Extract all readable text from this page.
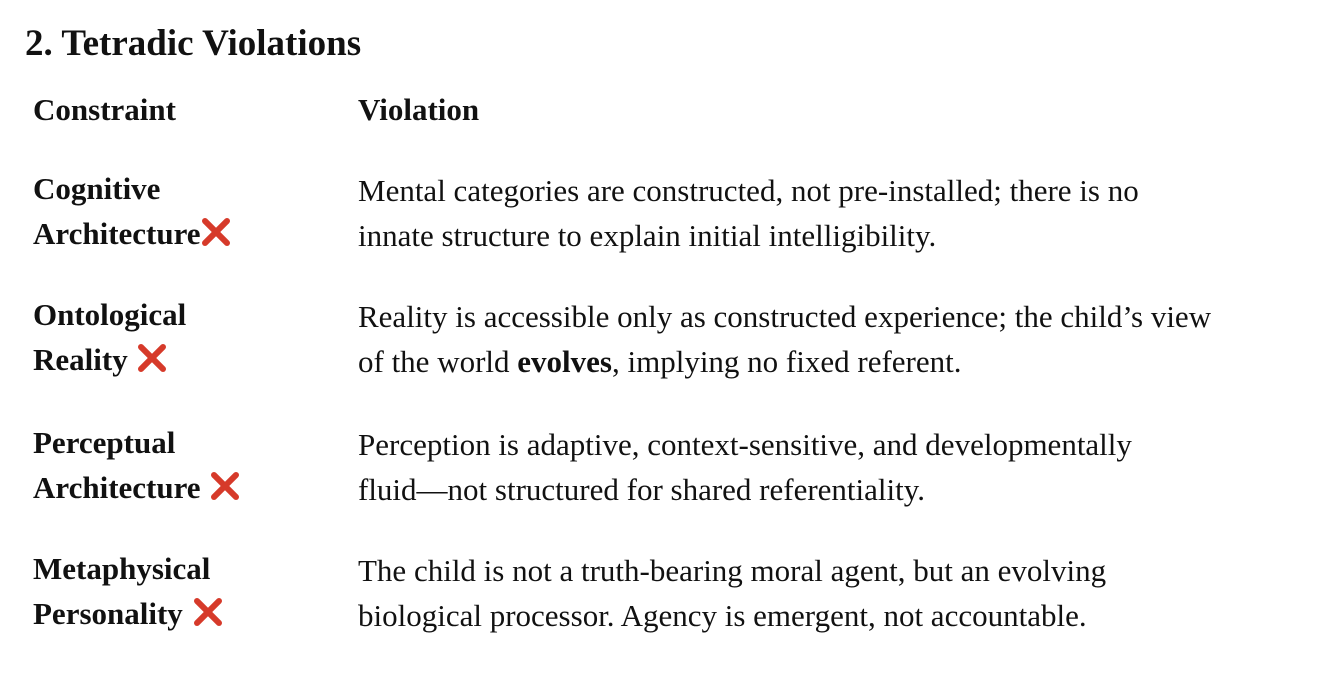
2. Tetradic Violations
Constraint	Violation
Cognitive
Architecture
Mental categories are constructed, not pre-installed; there is no
innate structure to explain initial intelligibility.
Ontological
Reality
Reality is accessible only as constructed experience; the child’s view
of the world evolves, implying no fixed referent.
Perceptual
Architecture
Perception is adaptive, context-sensitive, and developmentally
fluid—not structured for shared referentiality.
Metaphysical
Personality
The child is not a truth-bearing moral agent, but an evolving
biological processor. Agency is emergent, not accountable.
